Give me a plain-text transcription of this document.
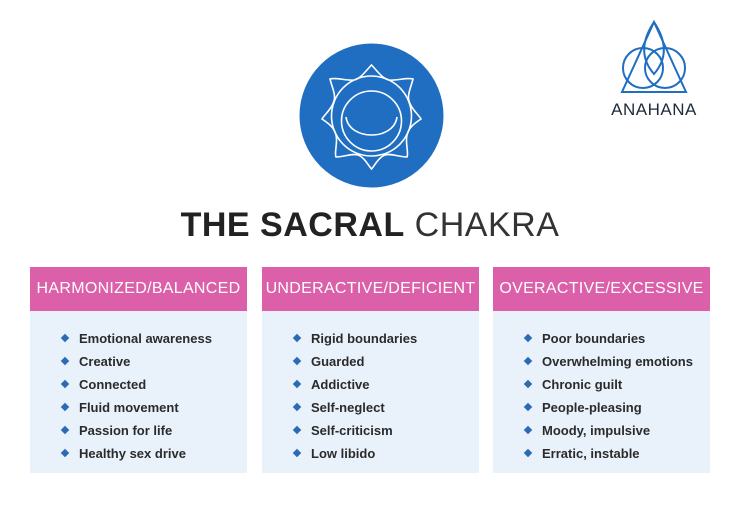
ANAHANA
THE SACRAL CHAKRA
HARMONIZED/BALANCED
Emotional awareness
Creative
Connected
Fluid movement
Passion for life
Healthy sex drive
UNDERACTIVE/DEFICIENT
Rigid boundaries
Guarded
Addictive
Self-neglect
Self-criticism
Low libido
OVERACTIVE/EXCESSIVE
Poor boundaries
Overwhelming emotions
Chronic guilt
People-pleasing
Moody, impulsive
Erratic, instable
